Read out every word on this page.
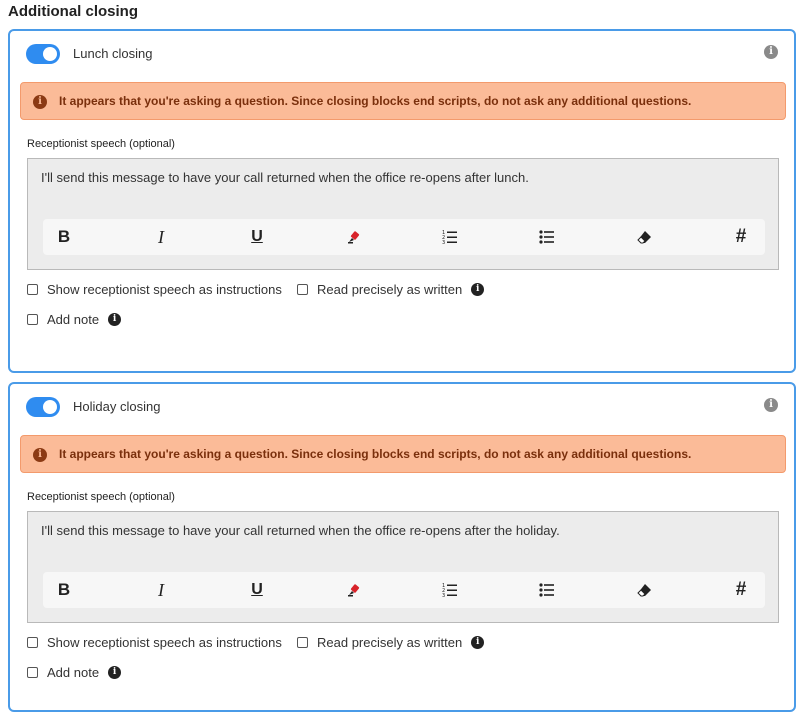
Additional closing
Lunch closing	i
i	It appears that you're asking a question. Since closing blocks end scripts, do not ask any additional questions.
Receptionist speech (optional)
I'll send this message to have your call returned when the office re-opens after lunch.
B	I	U	1
2
3	#
Show receptionist speech as instructions	Read precisely as written	i
Add note	i
Holiday closing	i
i	It appears that you're asking a question. Since closing blocks end scripts, do not ask any additional questions.
Receptionist speech (optional)
I'll send this message to have your call returned when the office re-opens after the holiday.
B	I	U	1
2
3	#
Show receptionist speech as instructions	Read precisely as written	i
Add note	i
